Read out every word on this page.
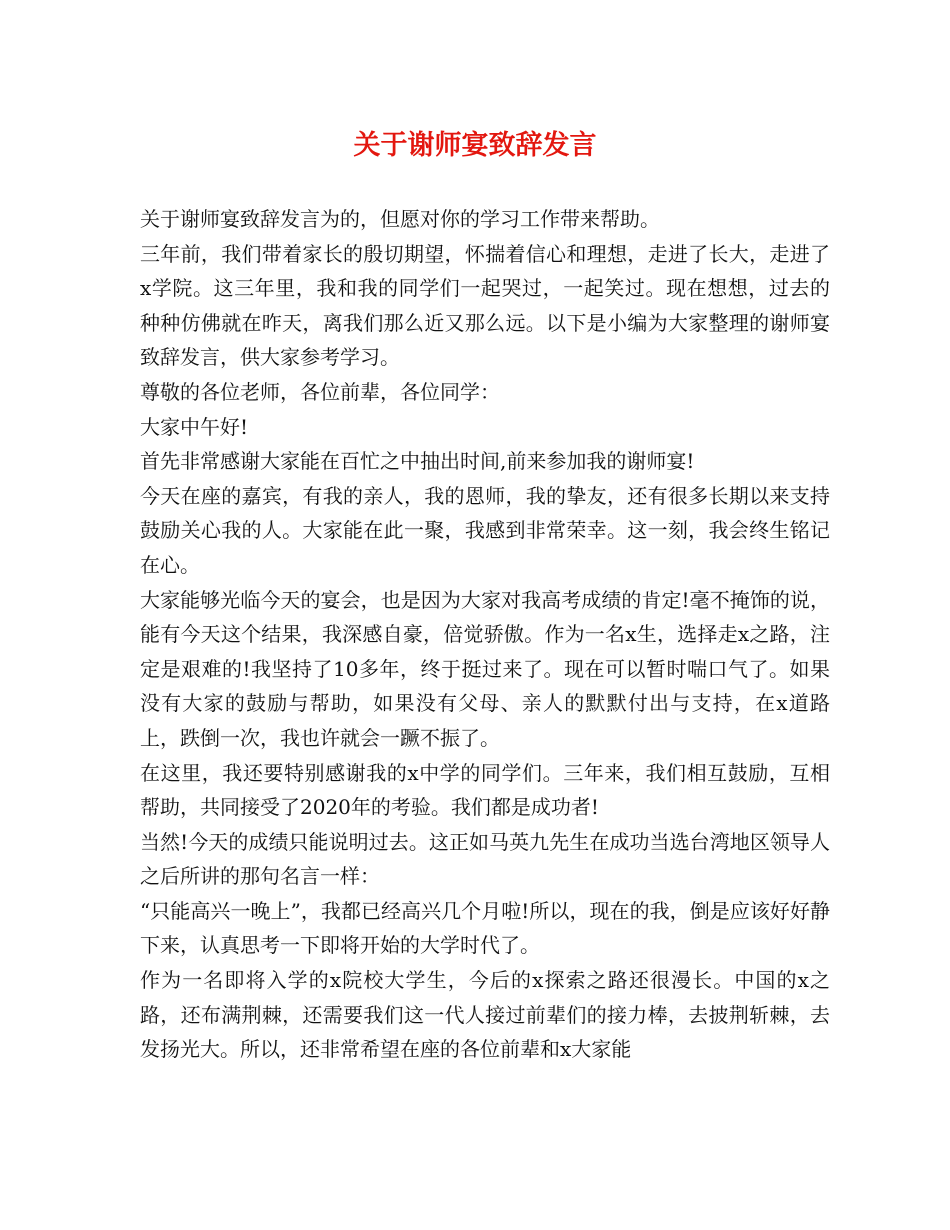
关于谢师宴致辞发言

关于谢师宴致辞发言为的，但愿对你的学习工作带来帮助。

三年前，我们带着家长的殷切期望，怀揣着信心和理想，走进了长大，走进了x学院。这三年里，我和我的同学们一起哭过，一起笑过。现在想想，过去的种种仿佛就在昨天，离我们那么近又那么远。以下是小编为大家整理的谢师宴致辞发言，供大家参考学习。

尊敬的各位老师，各位前辈，各位同学：

大家中午好!

首先非常感谢大家能在百忙之中抽出时间,前来参加我的谢师宴!

今天在座的嘉宾，有我的亲人，我的恩师，我的挚友，还有很多长期以来支持鼓励关心我的人。大家能在此一聚，我感到非常荣幸。这一刻，我会终生铭记在心。

大家能够光临今天的宴会，也是因为大家对我高考成绩的肯定!毫不掩饰的说，能有今天这个结果，我深感自豪，倍觉骄傲。作为一名x生，选择走x之路，注定是艰难的!我坚持了10多年，终于挺过来了。现在可以暂时喘口气了。如果没有大家的鼓励与帮助，如果没有父母、亲人的默默付出与支持，在x道路上，跌倒一次，我也许就会一蹶不振了。

在这里，我还要特别感谢我的x中学的同学们。三年来，我们相互鼓励，互相帮助，共同接受了2020年的考验。我们都是成功者!

当然!今天的成绩只能说明过去。这正如马英九先生在成功当选台湾地区领导人之后所讲的那句名言一样：

“只能高兴一晚上”，我都已经高兴几个月啦!所以，现在的我，倒是应该好好静下来，认真思考一下即将开始的大学时代了。

作为一名即将入学的x院校大学生，今后的x探索之路还很漫长。中国的x之路，还布满荆棘，还需要我们这一代人接过前辈们的接力棒，去披荆斩棘，去发扬光大。所以，还非常希望在座的各位前辈和x大家能
